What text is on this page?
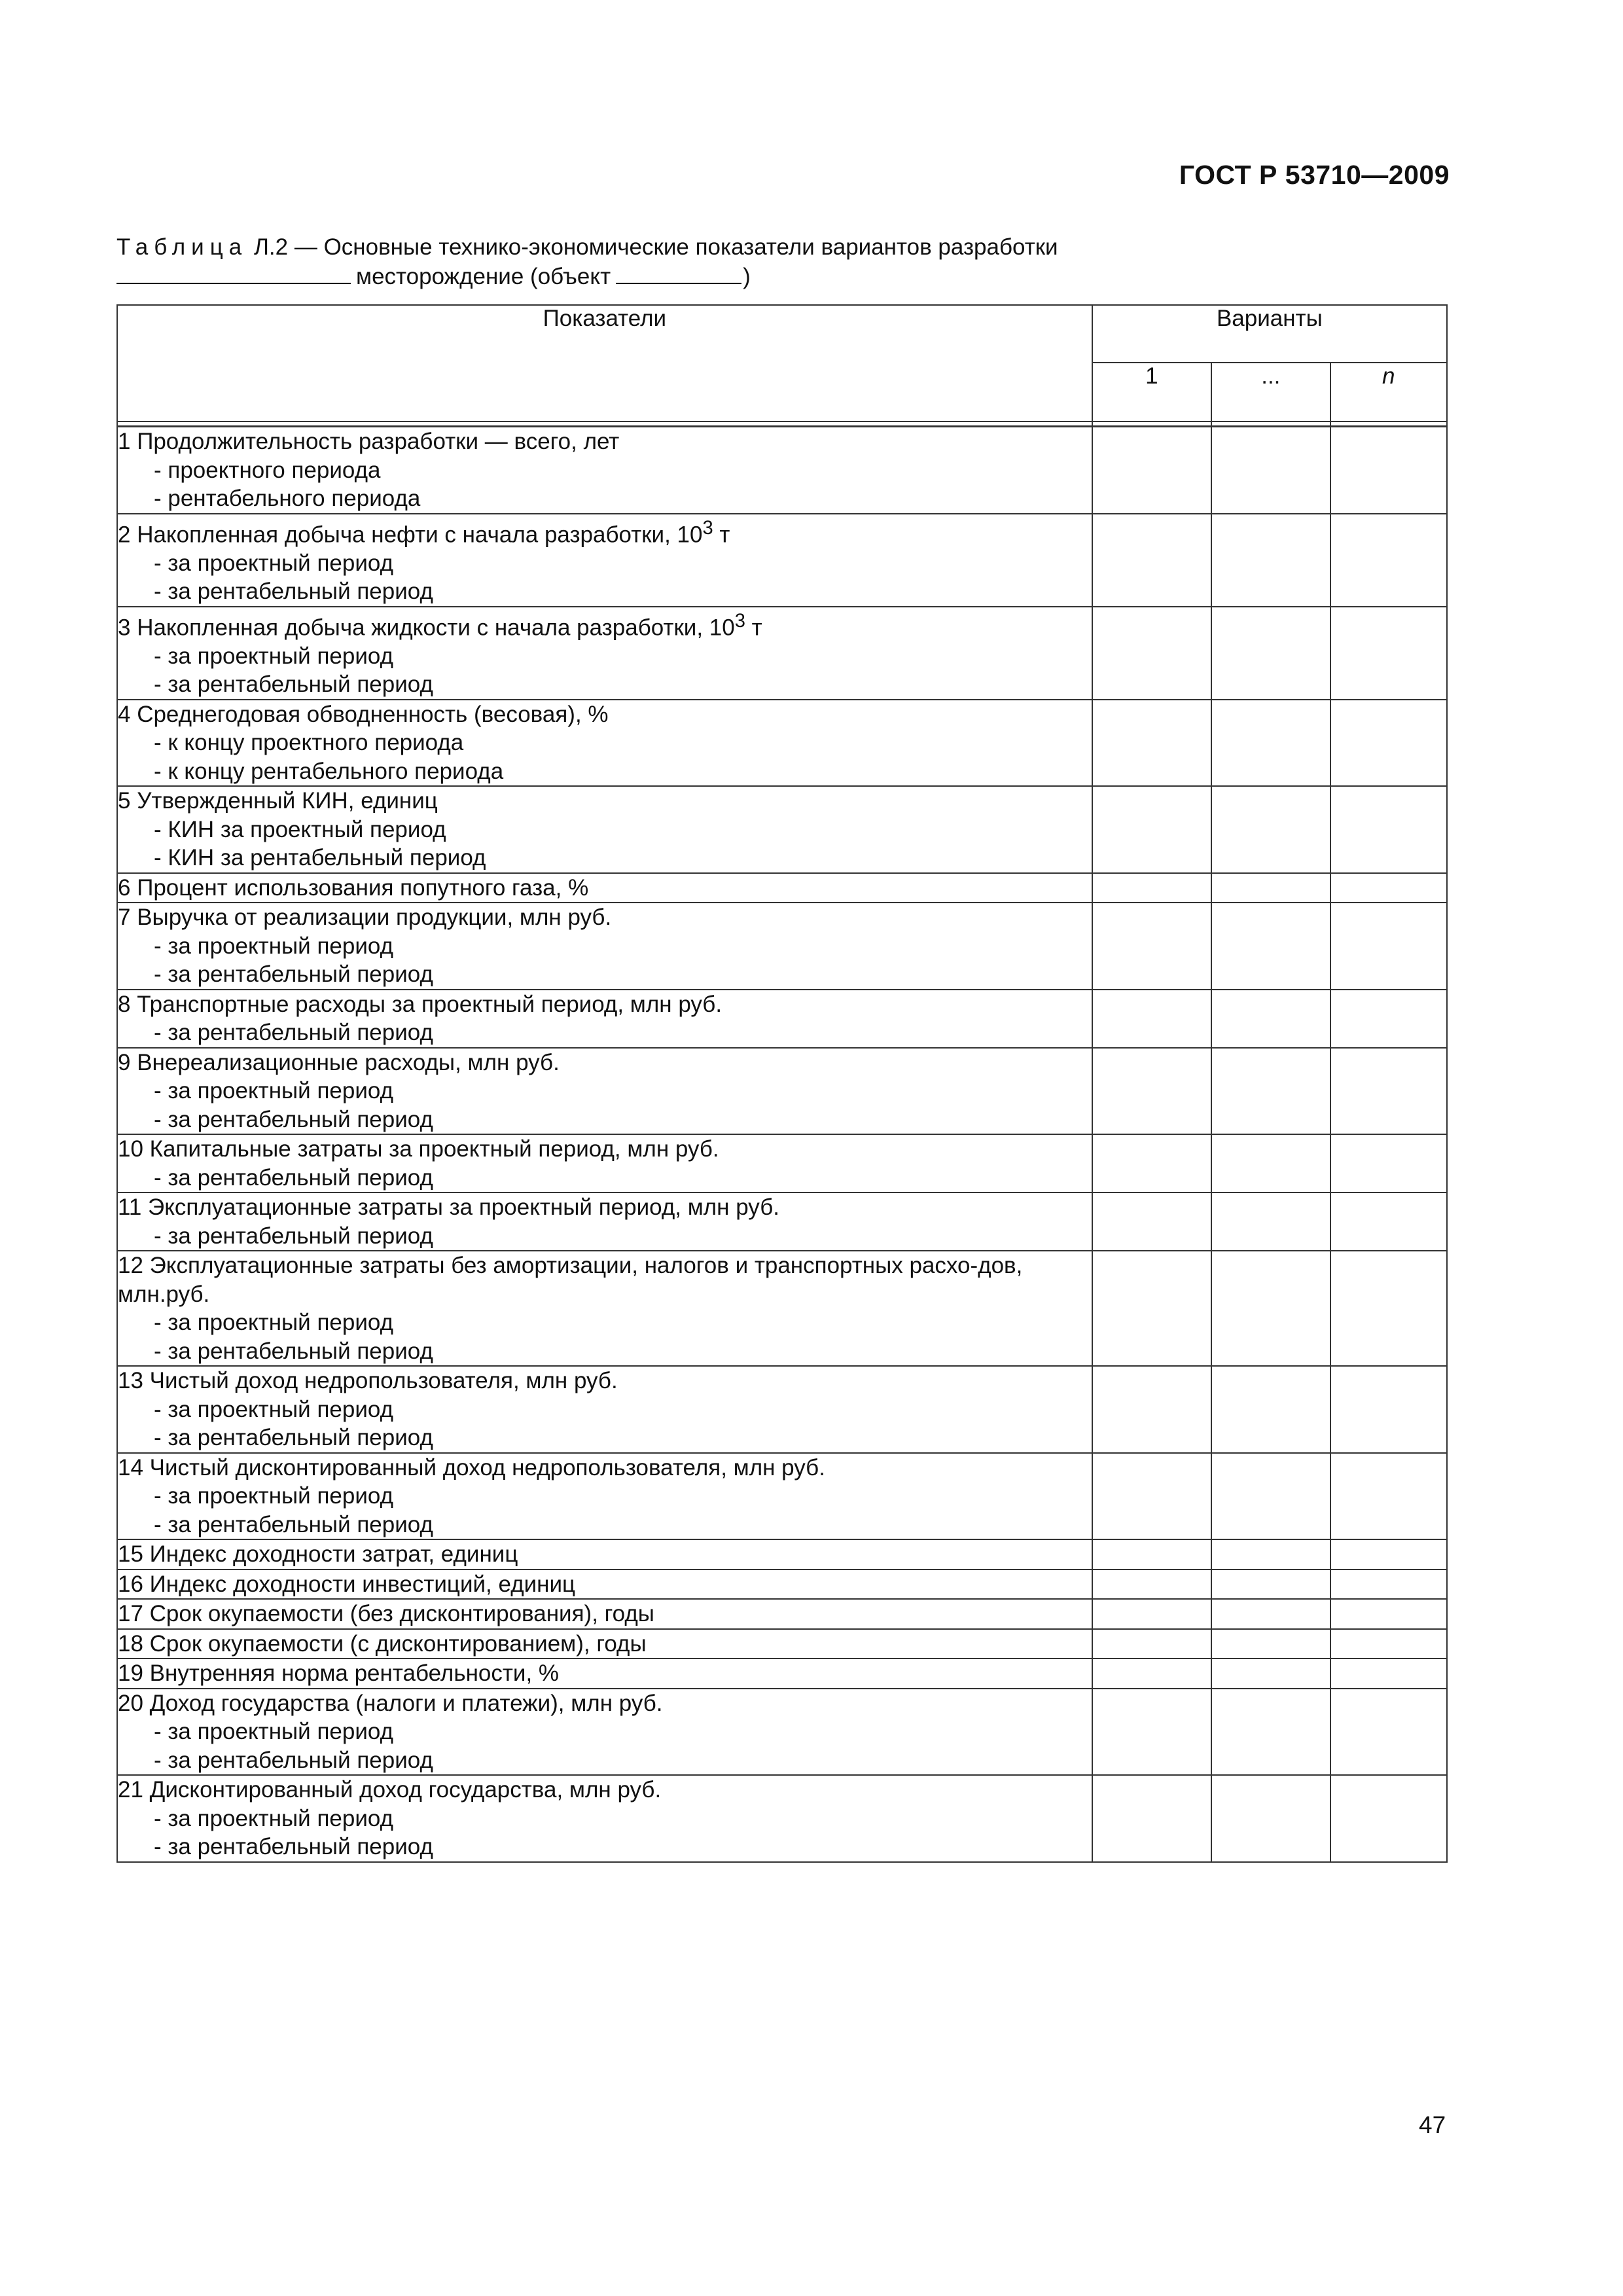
ГОСТ Р 53710—2009
Таблица Л.2 — Основные технико-экономические показатели вариантов разработки
месторождение (объект	)
Показатели	Варианты		
	1	...	n

1 Продолжительность разработки — всего, лет
- проектного периода
- рентабельного периода			

2 Накопленная добыча нефти с начала разработки, $10^3$ т
- за проектный период
- за рентабельный период			

3 Накопленная добыча жидкости с начала разработки, $10^3$ т
- за проектный период
- за рентабельный период			

4 Среднегодовая обводненность (весовая), %
- к концу проектного периода
- к концу рентабельного периода			

5 Утвержденный КИН, единиц
- КИН за проектный период
- КИН за рентабельный период			

6 Процент использования попутного газа, %			
7 Выручка от реализации продукции, млн руб.
- за проектный период
- за рентабельный период			

8 Транспортные расходы за проектный период, млн руб.
- за рентабельный период			

9 Внереализационные расходы, млн руб.
- за проектный период
- за рентабельный период			

10 Капитальные затраты за проектный период, млн руб.
- за рентабельный период			

11 Эксплуатационные затраты за проектный период, млн руб.
- за рентабельный период			

12 Эксплуатационные затраты без амортизации, налогов и транспортных расхо-дов, млн.руб.
- за проектный период
- за рентабельный период			

13 Чистый доход недропользователя, млн руб.
- за проектный период
- за рентабельный период			

14 Чистый дисконтированный доход недропользователя, млн руб.
- за проектный период
- за рентабельный период			

15 Индекс доходности затрат, единиц			
16 Индекс доходности инвестиций, единиц			
17 Срок окупаемости (без дисконтирования), годы			
18 Срок окупаемости (с дисконтированием), годы			
19 Внутренняя норма рентабельности, %			
20 Доход государства (налоги и платежи), млн руб.
- за проектный период
- за рентабельный период			

21 Дисконтированный доход государства, млн руб.
- за проектный период
- за рентабельный период			

47
